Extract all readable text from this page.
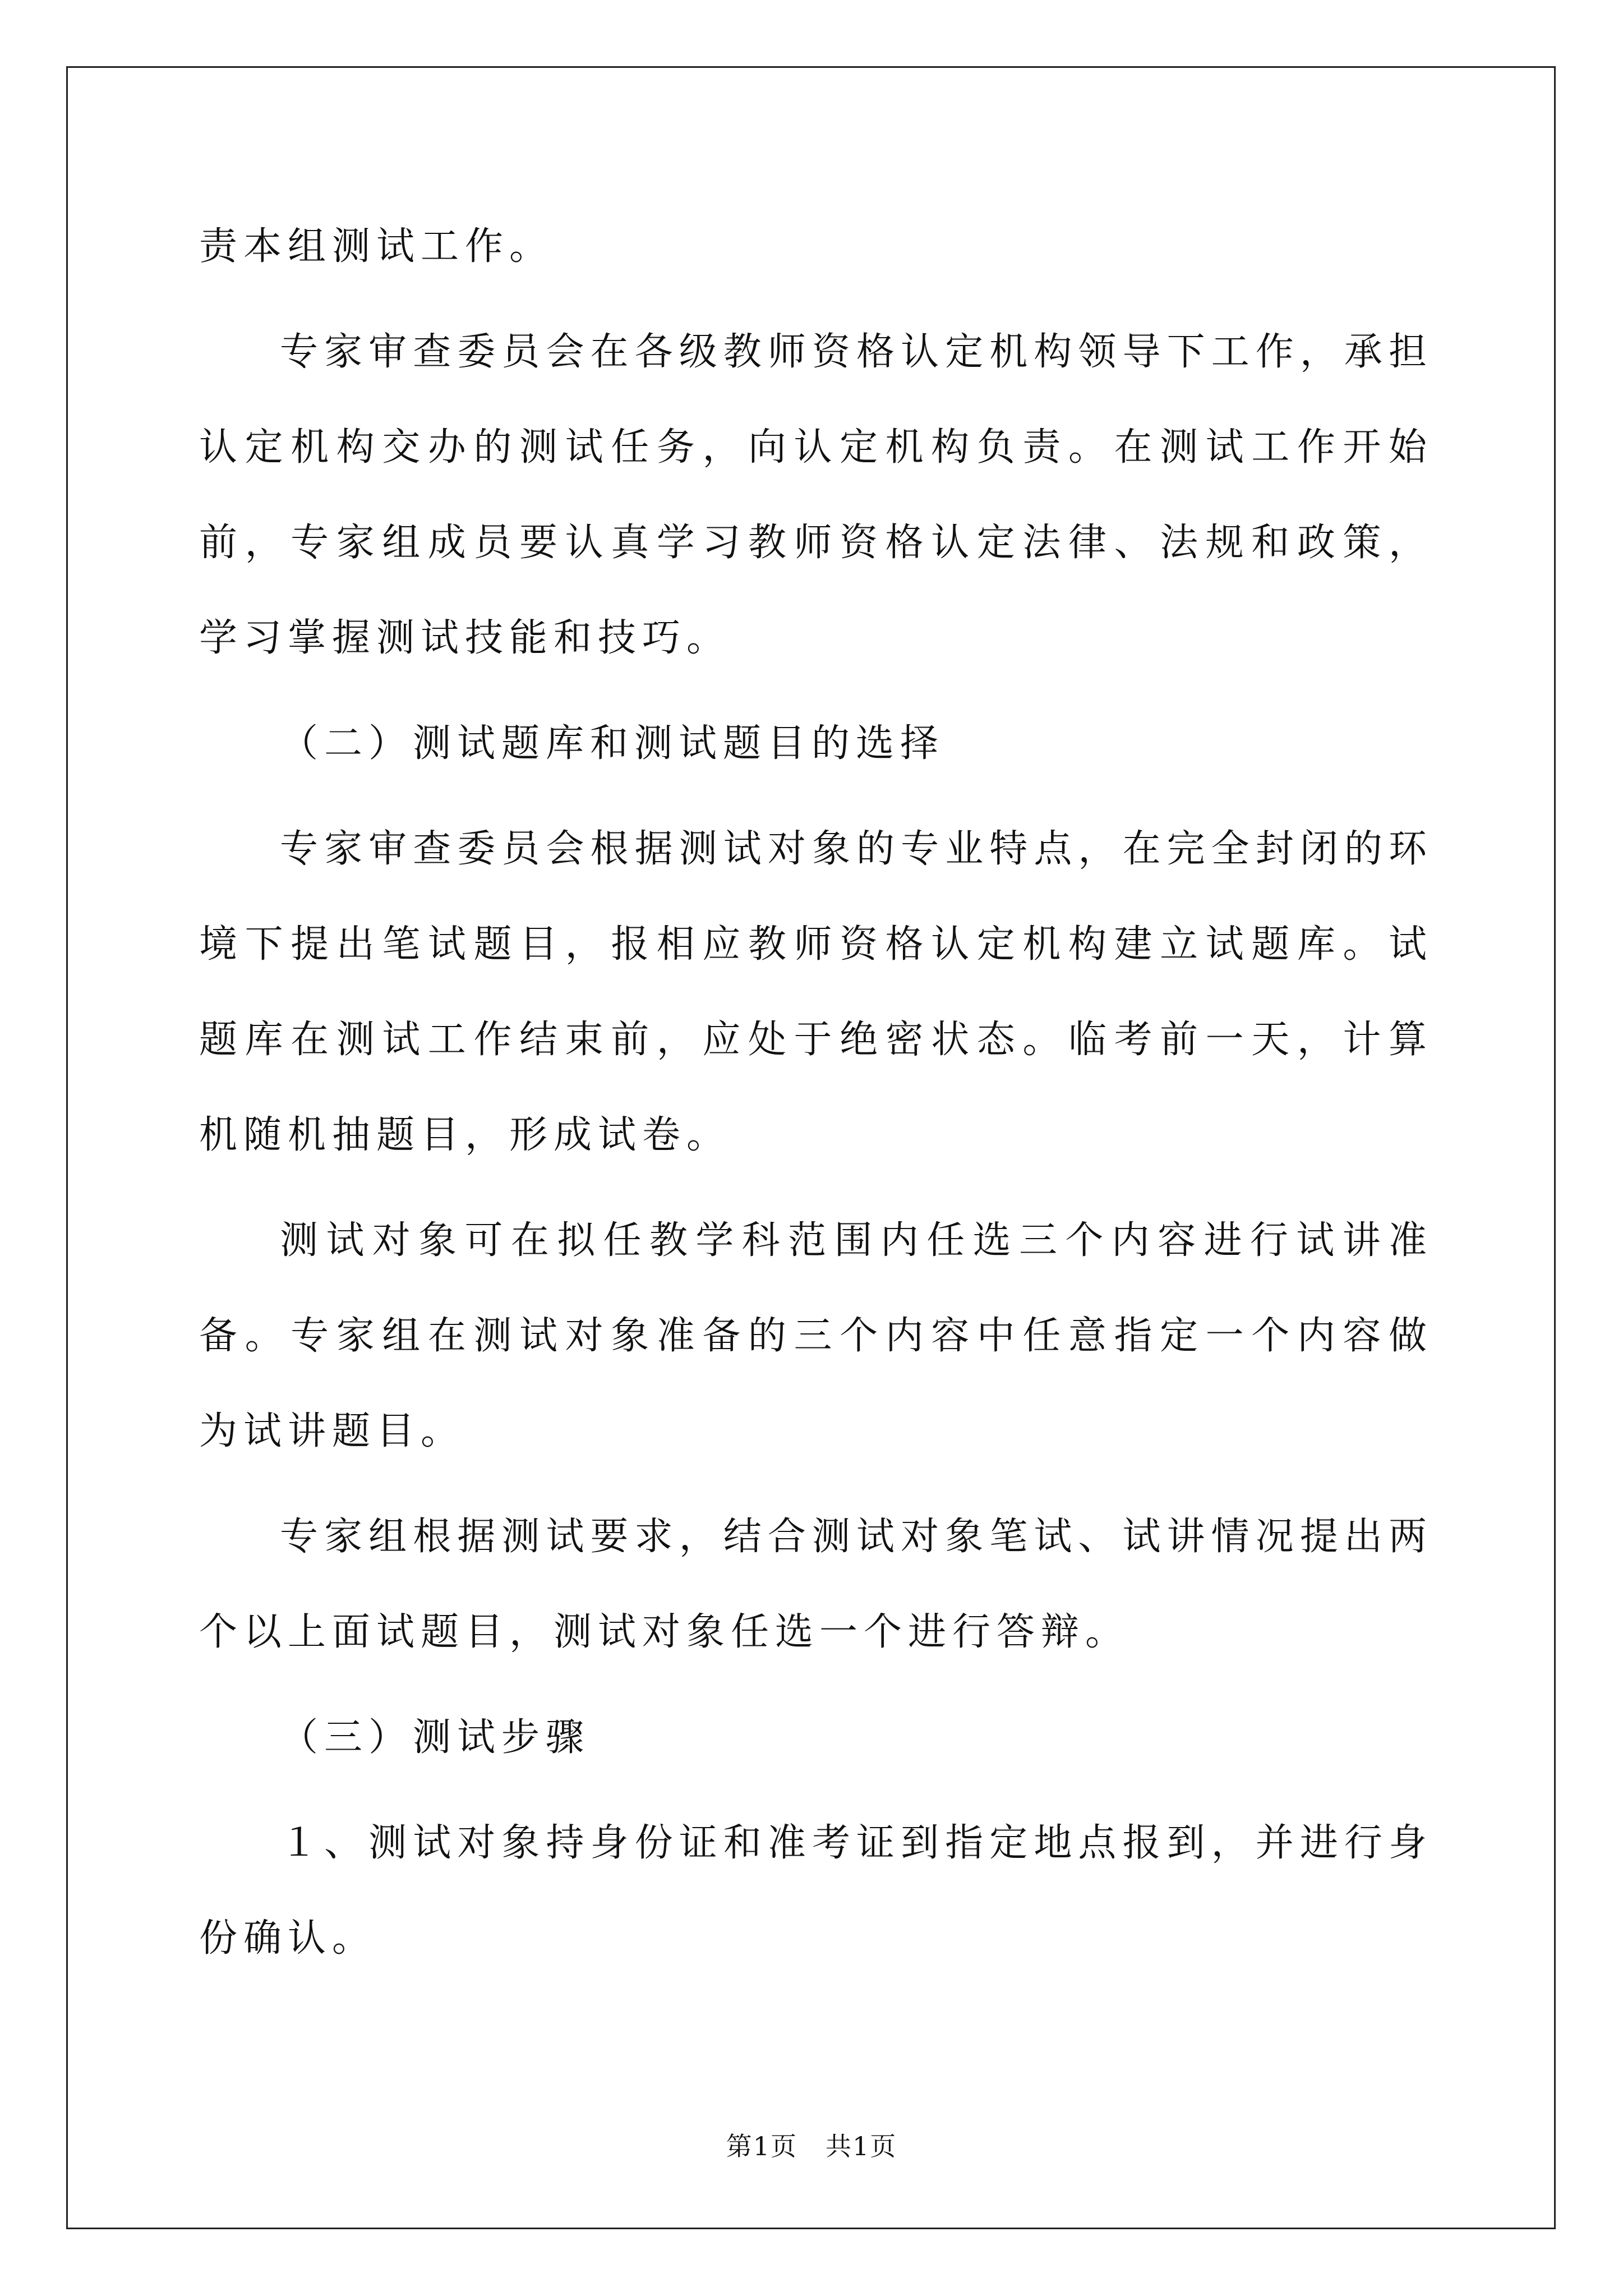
责本组测试工作。

专家审查委员会在各级教师资格认定机构领导下工作，承担认定机构交办的测试任务，向认定机构负责。在测试工作开始前，专家组成员要认真学习教师资格认定法律、法规和政策，学习掌握测试技能和技巧。

（二）测试题库和测试题目的选择

专家审查委员会根据测试对象的专业特点，在完全封闭的环境下提出笔试题目，报相应教师资格认定机构建立试题库。试题库在测试工作结束前，应处于绝密状态。临考前一天，计算机随机抽题目，形成试卷。

测试对象可在拟任教学科范围内任选三个内容进行试讲准备。专家组在测试对象准备的三个内容中任意指定一个内容做为试讲题目。

专家组根据测试要求，结合测试对象笔试、试讲情况提出两个以上面试题目，测试对象任选一个进行答辩。

（三）测试步骤

１、测试对象持身份证和准考证到指定地点报到，并进行身份确认。

第1页 共1页
